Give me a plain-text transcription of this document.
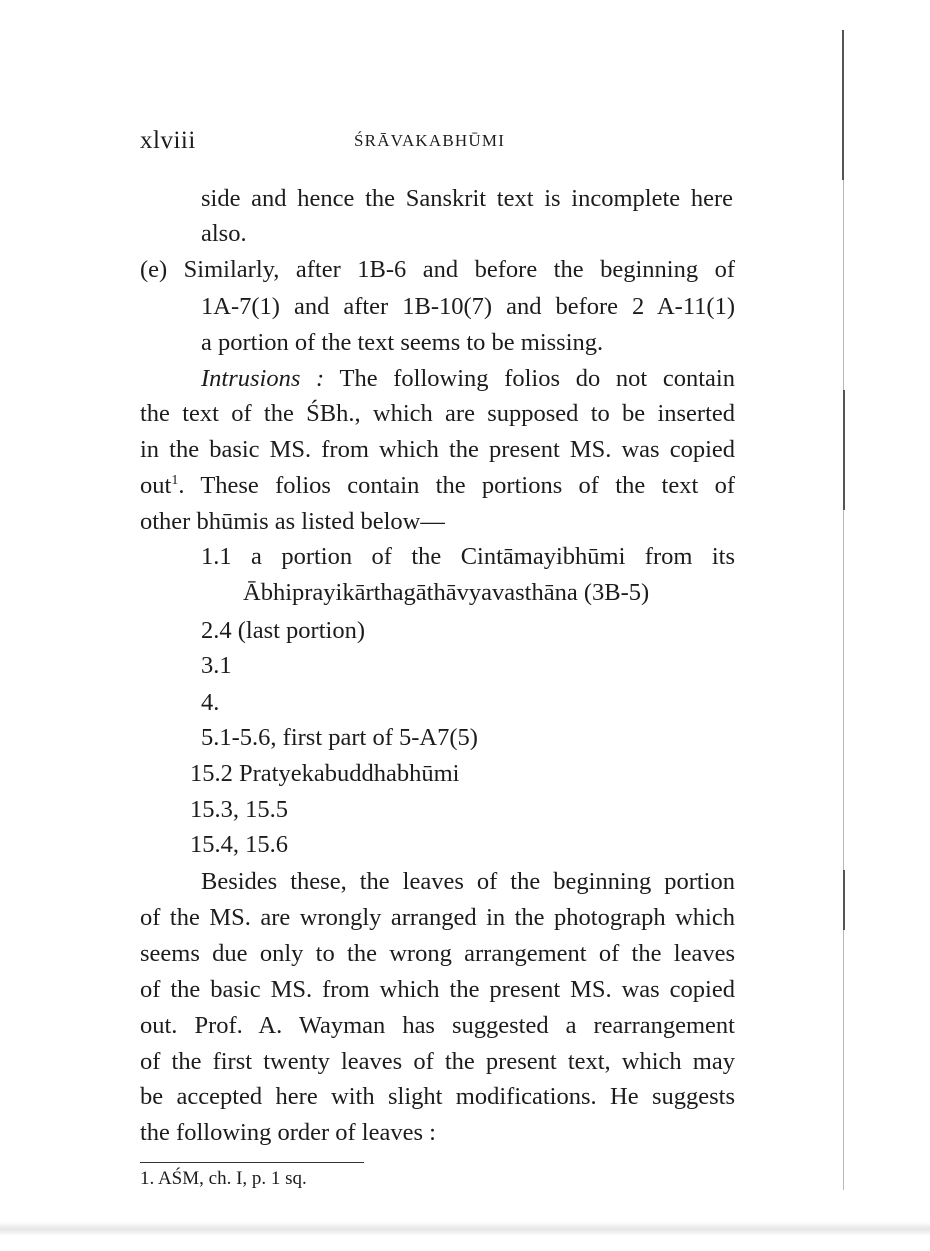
xlviii	ŚRĀVAKABHŪMI
side and hence the Sanskrit text is incomplete here
also.
(e) Similarly, after 1B-6 and before the beginning of
1A-7(1) and after 1B-10(7) and before 2 A-11(1)
a portion of the text seems to be missing.
Intrusions : The following folios do not contain
the text of the ŚBh., which are supposed to be inserted
in the basic MS. from which the present MS. was copied
out$^1$. These folios contain the portions of the text of
other bhūmis as listed below—
1.1 a portion of the Cintāmayibhūmi from its
Ābhiprayikārthagāthāvyavasthāna (3B-5)
2.4 (last portion)
3.1
4.
5.1-5.6, first part of 5-A7(5)
15.2 Pratyekabuddhabhūmi
15.3, 15.5
15.4, 15.6
Besides these, the leaves of the beginning portion
of the MS. are wrongly arranged in the photograph which
seems due only to the wrong arrangement of the leaves
of the basic MS. from which the present MS. was copied
out. Prof. A. Wayman has suggested a rearrangement
of the first twenty leaves of the present text, which may
be accepted here with slight modifications. He suggests
the following order of leaves :
1. AŚM, ch. I, p. 1 sq.
